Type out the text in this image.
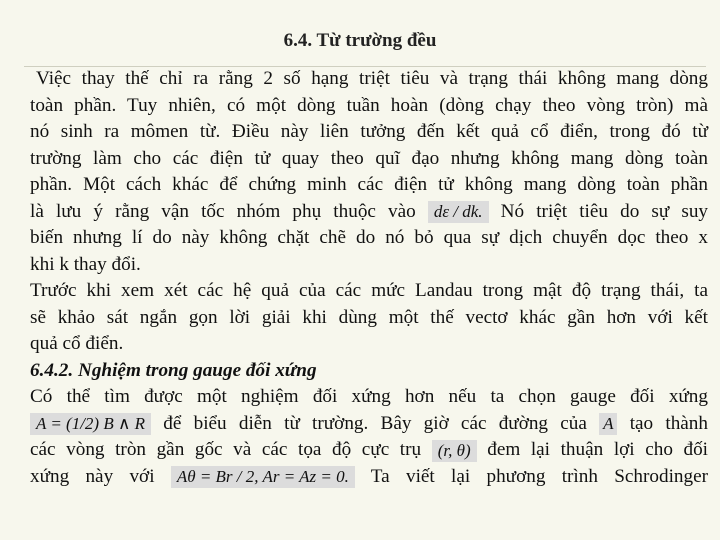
6.4. Từ trường đều
Việc thay thế chỉ ra rằng 2 số hạng triệt tiêu và trạng thái không mang dòng
toàn phần. Tuy nhiên, có một dòng tuần hoàn (dòng chạy theo vòng tròn) mà
nó sinh ra mômen từ. Điều này liên tưởng đến kết quả cổ điển, trong đó từ
trường làm cho các điện tử quay theo quĩ đạo nhưng không mang dòng toàn
phần. Một cách khác để chứng minh các điện tử không mang dòng toàn phần
là lưu ý rằng vận tốc nhóm phụ thuộc vào dε / dk. Nó triệt tiêu do sự suy
biến nhưng lí do này không chặt chẽ do nó bỏ qua sự dịch chuyển dọc theo x
khi k thay đổi.
Trước khi xem xét các hệ quả của các mức Landau trong mật độ trạng thái, ta
sẽ khảo sát ngắn gọn lời giải khi dùng một thế vectơ khác gần hơn với kết
quả cổ điển.
6.4.2. Nghiệm trong gauge đối xứng
Có thể tìm được một nghiệm đối xứng hơn nếu ta chọn gauge đối xứng
A = (1/2) B ∧ R để biểu diễn từ trường. Bây giờ các đường của A tạo thành
các vòng tròn gần gốc và các tọa độ cực trụ (r, θ) đem lại thuận lợi cho đối
xứng này với Aθ = Br / 2, Ar = Az = 0. Ta viết lại phương trình Schrodinger
